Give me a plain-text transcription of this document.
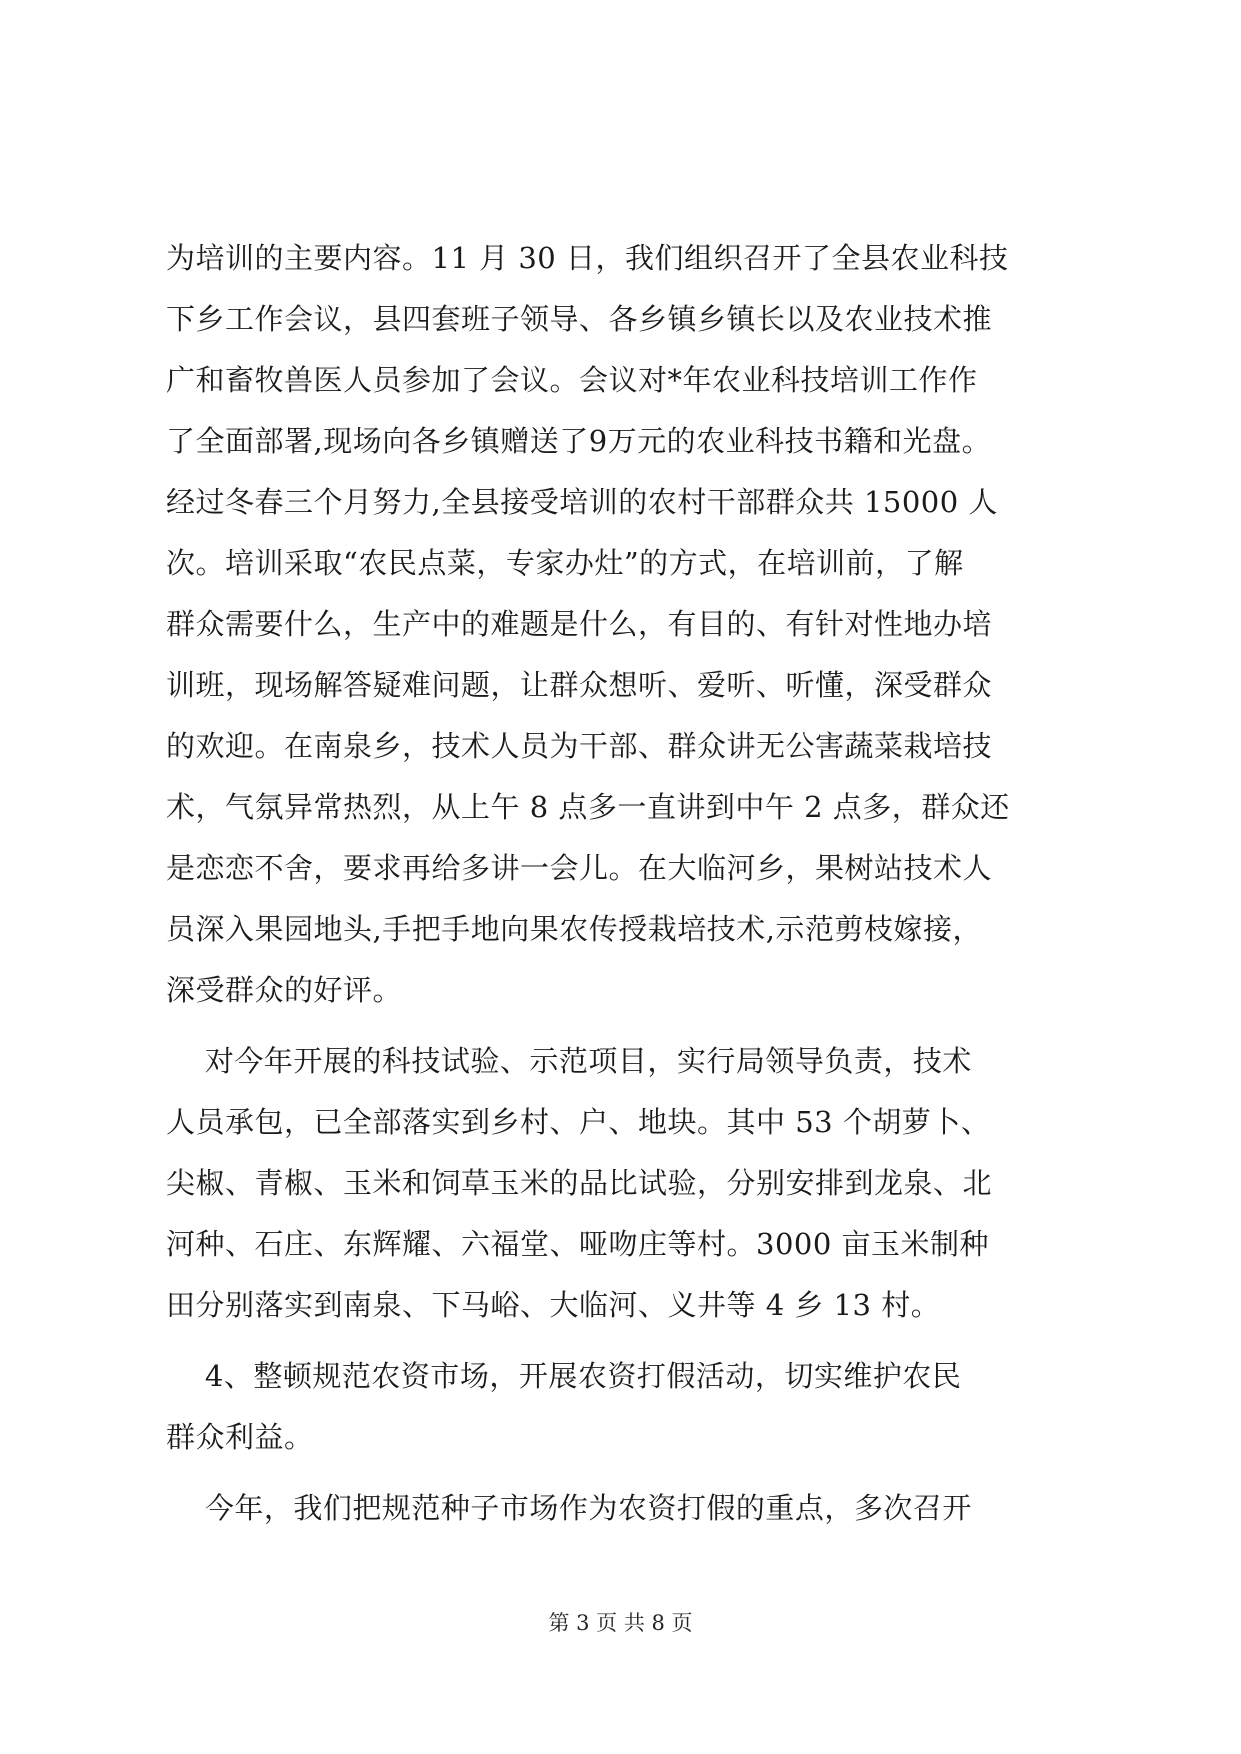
为培训的主要内容。11 月 30 日，我们组织召开了全县农业科技
下乡工作会议，县四套班子领导、各乡镇乡镇长以及农业技术推
广和畜牧兽医人员参加了会议。会议对*年农业科技培训工作作
了全面部署,现场向各乡镇赠送了9万元的农业科技书籍和光盘。
经过冬春三个月努力,全县接受培训的农村干部群众共 15000 人
次。培训采取“农民点菜，专家办灶”的方式，在培训前，了解
群众需要什么，生产中的难题是什么，有目的、有针对性地办培
训班，现场解答疑难问题，让群众想听、爱听、听懂，深受群众
的欢迎。在南泉乡，技术人员为干部、群众讲无公害蔬菜栽培技
术，气氛异常热烈，从上午 8 点多一直讲到中午 2 点多，群众还
是恋恋不舍，要求再给多讲一会儿。在大临河乡，果树站技术人
员深入果园地头,手把手地向果农传授栽培技术,示范剪枝嫁接，
深受群众的好评。
对今年开展的科技试验、示范项目，实行局领导负责，技术
人员承包，已全部落实到乡村、户、地块。其中 53 个胡萝卜、
尖椒、青椒、玉米和饲草玉米的品比试验，分别安排到龙泉、北
河种、石庄、东辉耀、六福堂、哑吻庄等村。3000 亩玉米制种
田分别落实到南泉、下马峪、大临河、义井等 4 乡 13 村。
4、整顿规范农资市场，开展农资打假活动，切实维护农民
群众利益。
今年，我们把规范种子市场作为农资打假的重点，多次召开
第 3 页 共 8 页
